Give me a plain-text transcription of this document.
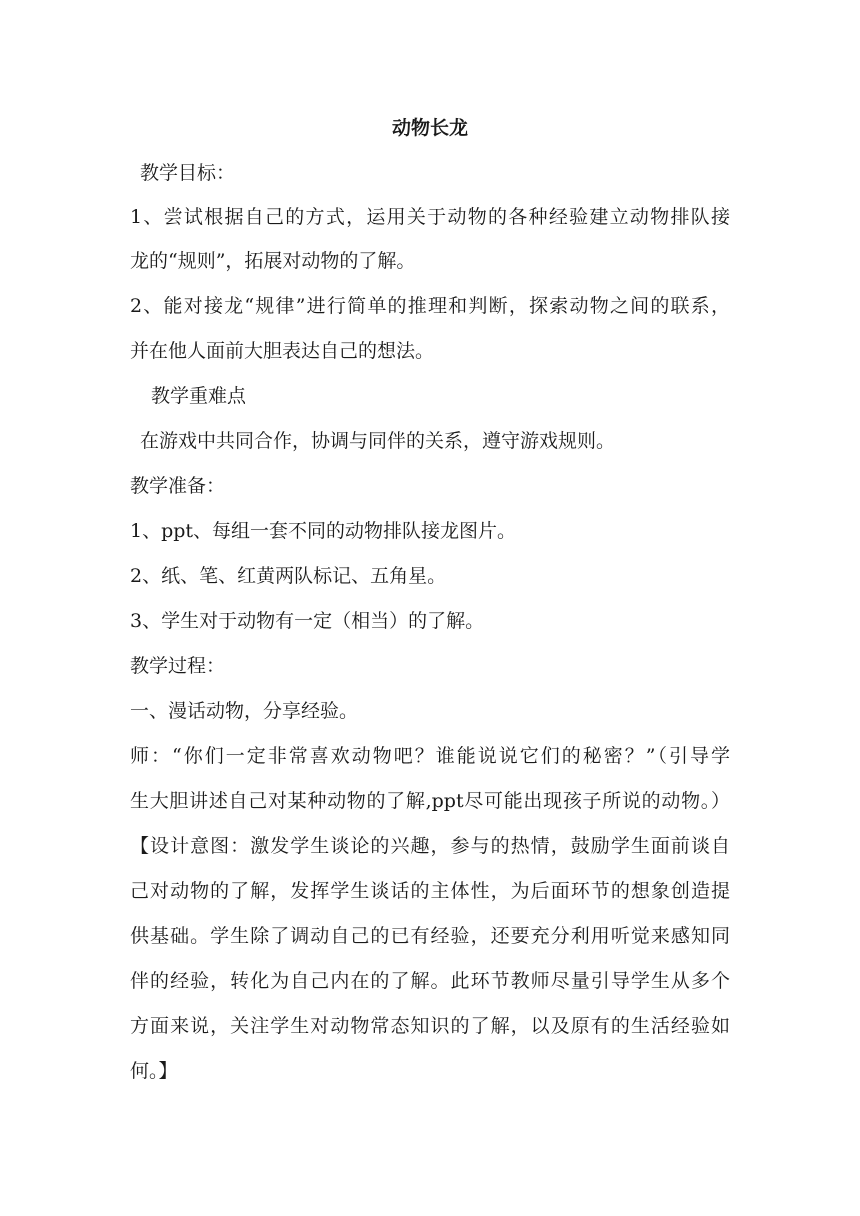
动物长龙
教学目标：
1、尝试根据自己的方式，运用关于动物的各种经验建立动物排队接
龙的“规则”，拓展对动物的了解。
2、能对接龙“规律”进行简单的推理和判断，探索动物之间的联系，
并在他人面前大胆表达自己的想法。
教学重难点
在游戏中共同合作，协调与同伴的关系，遵守游戏规则。
教学准备：
1、ppt、每组一套不同的动物排队接龙图片。
2、纸、笔、红黄两队标记、五角星。
3、学生对于动物有一定（相当）的了解。
教学过程：
一、漫话动物，分享经验。
师：“你们一定非常喜欢动物吧？谁能说说它们的秘密？”（引导学
生大胆讲述自己对某种动物的了解,ppt尽可能出现孩子所说的动物。）
【设计意图：激发学生谈论的兴趣，参与的热情，鼓励学生面前谈自
己对动物的了解，发挥学生谈话的主体性，为后面环节的想象创造提
供基础。学生除了调动自己的已有经验，还要充分利用听觉来感知同
伴的经验，转化为自己内在的了解。此环节教师尽量引导学生从多个
方面来说，关注学生对动物常态知识的了解，以及原有的生活经验如
何。】
